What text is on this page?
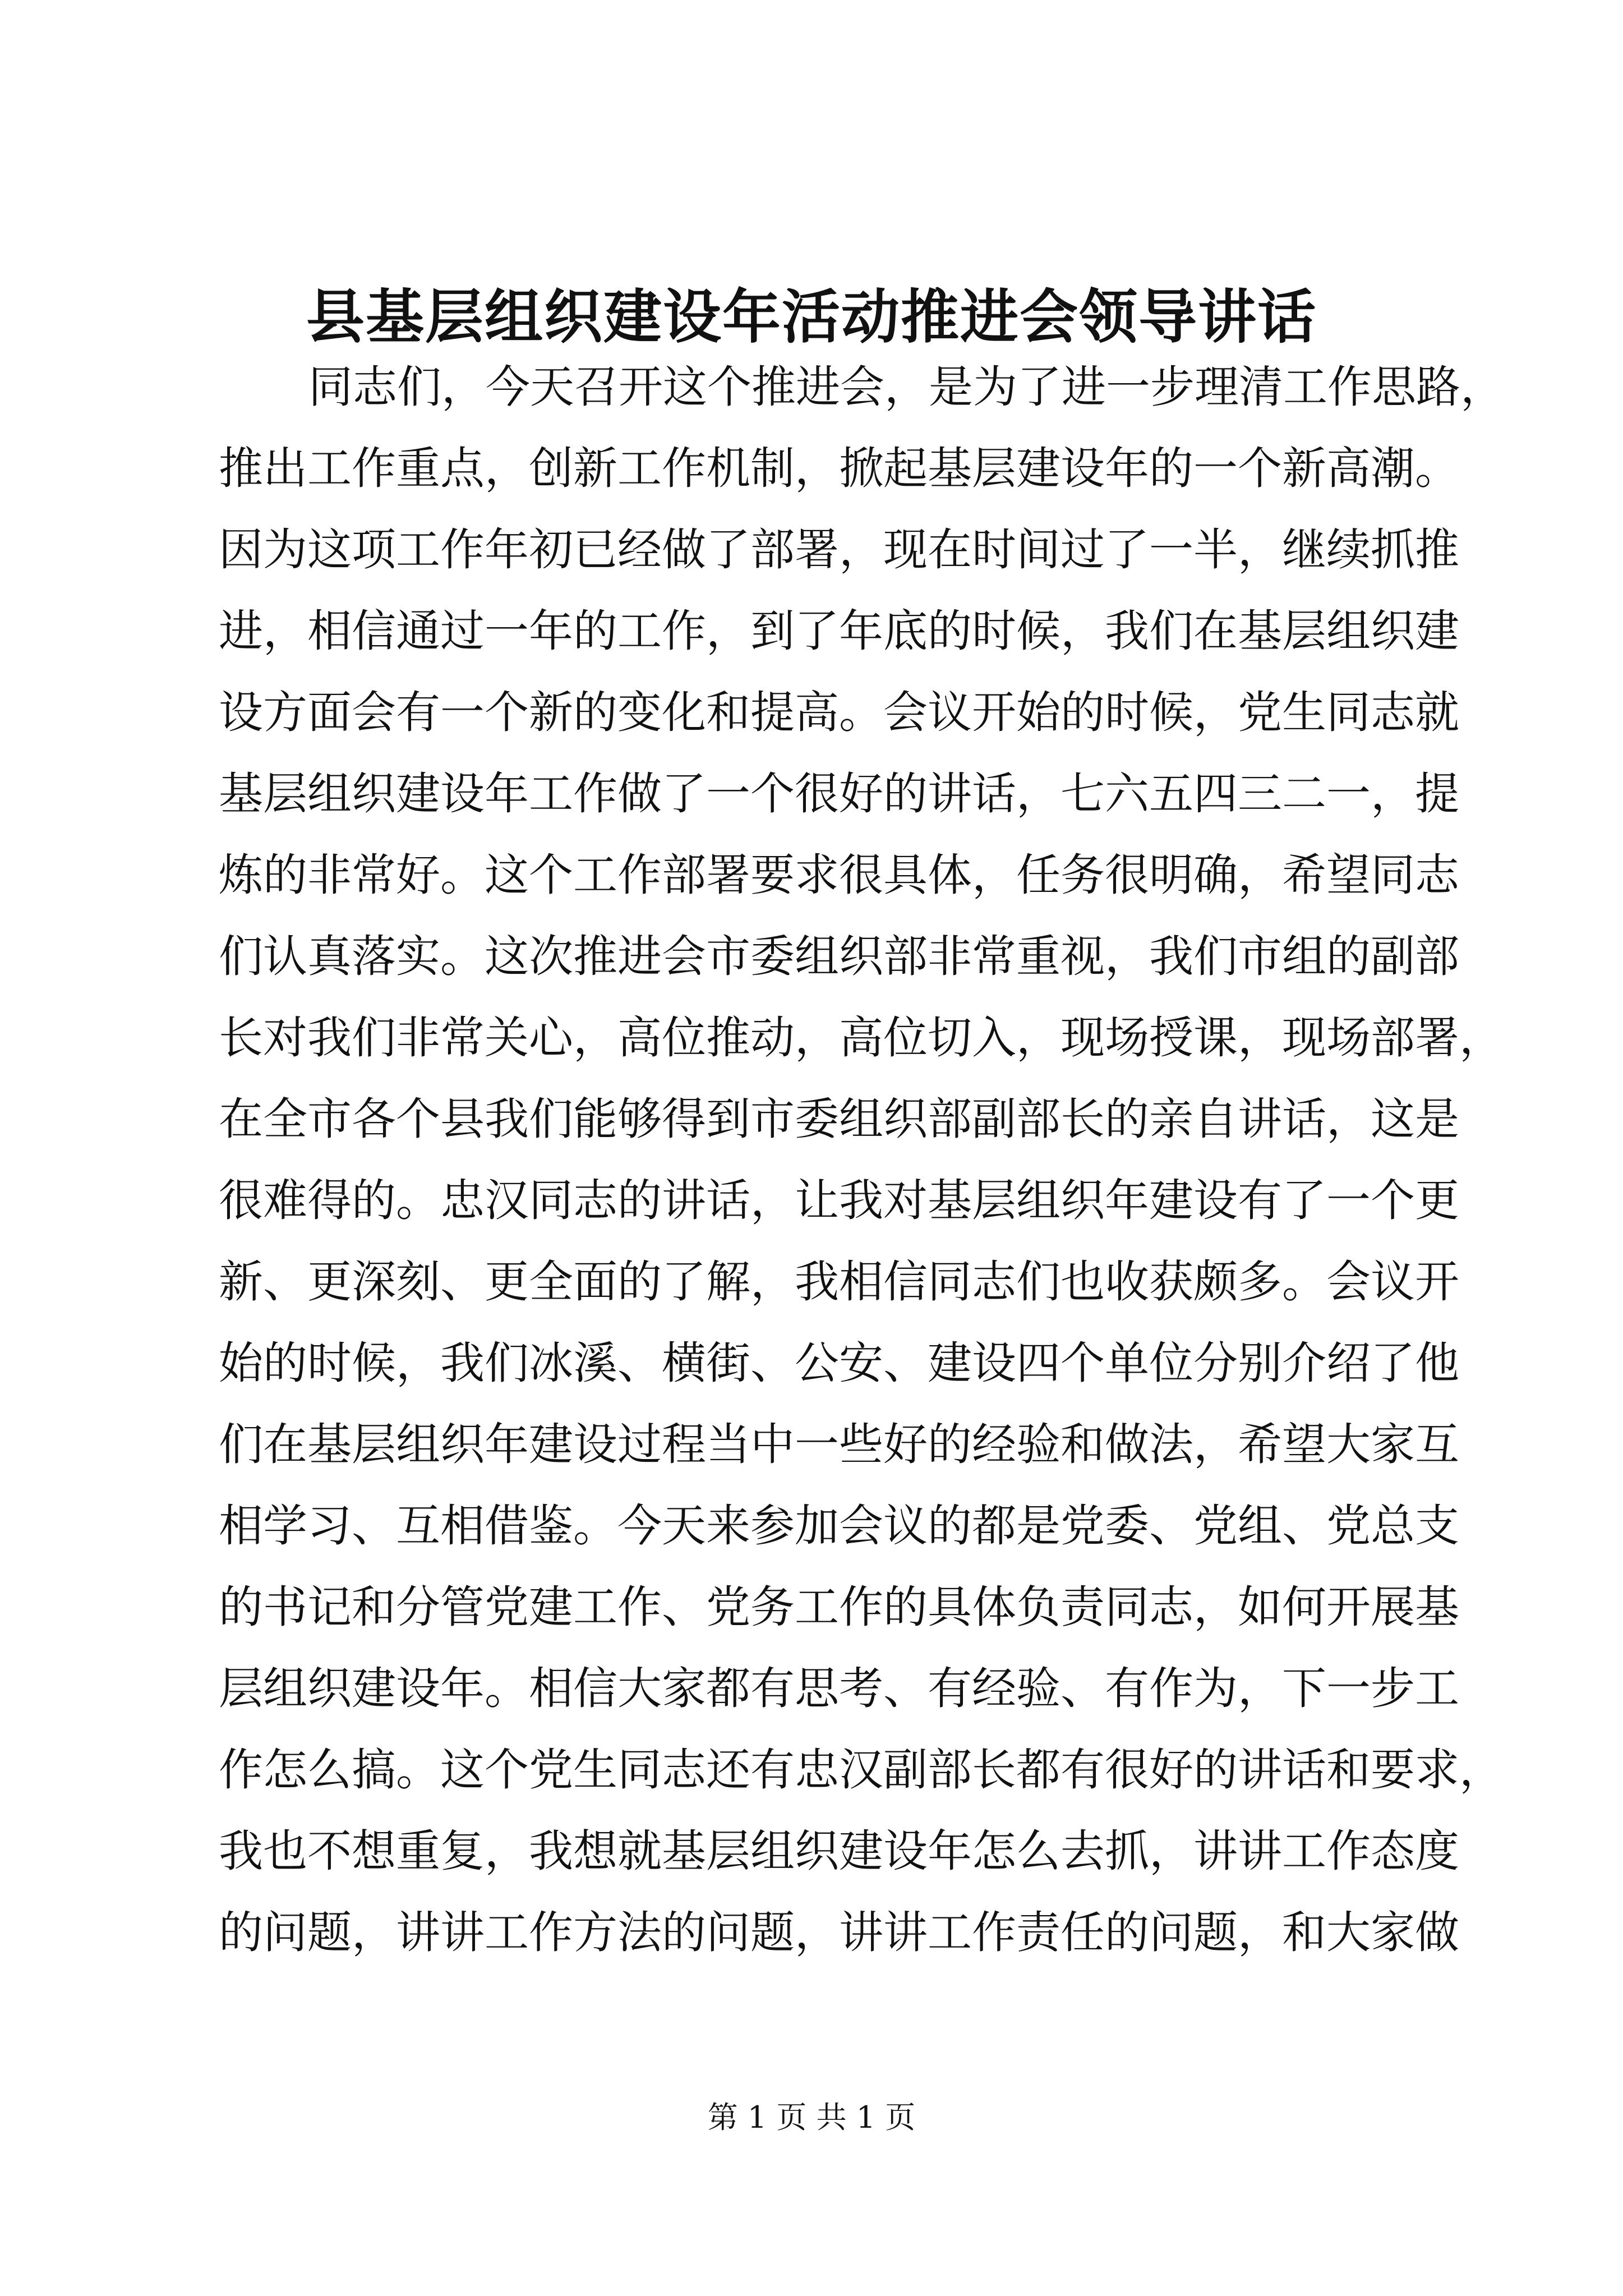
县基层组织建设年活动推进会领导讲话
同志们，今天召开这个推进会，是为了进一步理清工作思路，
推出工作重点，创新工作机制，掀起基层建设年的一个新高潮。
因为这项工作年初已经做了部署，现在时间过了一半，继续抓推
进，相信通过一年的工作，到了年底的时候，我们在基层组织建
设方面会有一个新的变化和提高。会议开始的时候，党生同志就
基层组织建设年工作做了一个很好的讲话，七六五四三二一，提
炼的非常好。这个工作部署要求很具体，任务很明确，希望同志
们认真落实。这次推进会市委组织部非常重视，我们市组的副部
长对我们非常关心，高位推动，高位切入，现场授课，现场部署，
在全市各个县我们能够得到市委组织部副部长的亲自讲话，这是
很难得的。忠汉同志的讲话，让我对基层组织年建设有了一个更
新、更深刻、更全面的了解，我相信同志们也收获颇多。会议开
始的时候，我们冰溪、横街、公安、建设四个单位分别介绍了他
们在基层组织年建设过程当中一些好的经验和做法，希望大家互
相学习、互相借鉴。今天来参加会议的都是党委、党组、党总支
的书记和分管党建工作、党务工作的具体负责同志，如何开展基
层组织建设年。相信大家都有思考、有经验、有作为，下一步工
作怎么搞。这个党生同志还有忠汉副部长都有很好的讲话和要求，
我也不想重复，我想就基层组织建设年怎么去抓，讲讲工作态度
的问题，讲讲工作方法的问题，讲讲工作责任的问题，和大家做
第 1 页 共 1 页
